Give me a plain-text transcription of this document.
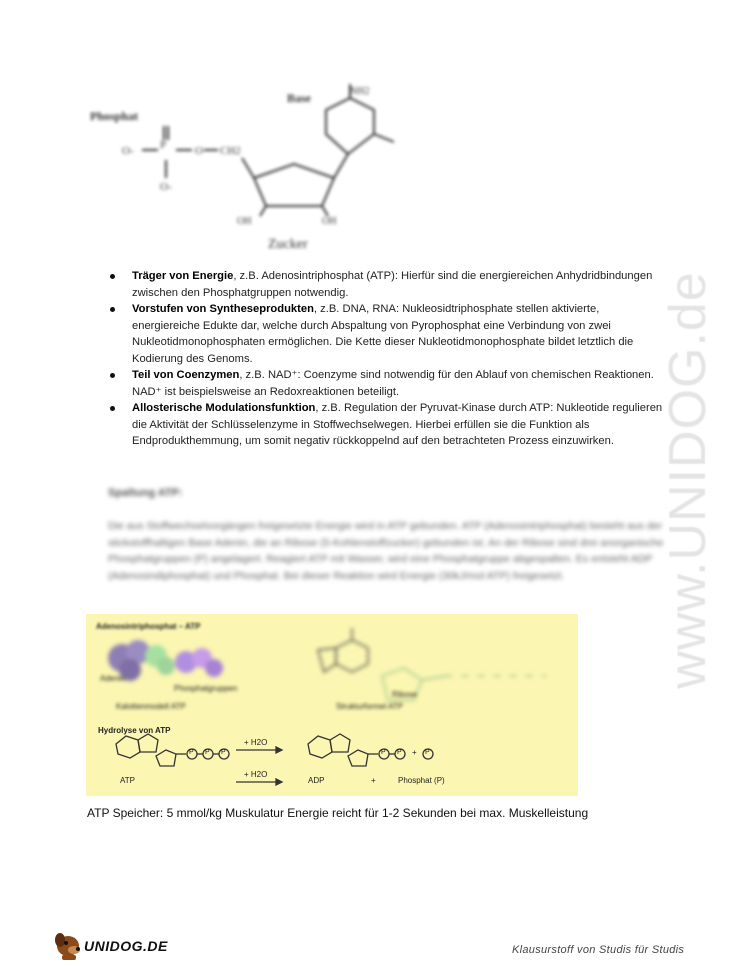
Phosphat
Base	NH2
O-
O-
CH2
OH	OH
Zucker
P	O
Träger von Energie, z.B. Adenosintriphosphat (ATP): Hierfür sind die energiereichen Anhydridbindungen zwischen den Phosphatgruppen notwendig.
Vorstufen von Syntheseprodukten, z.B. DNA, RNA: Nukleosidtriphosphate stellen aktivierte, energiereiche Edukte dar, welche durch Abspaltung von Pyrophosphat eine Verbindung von zwei Nukleotidmonophosphaten ermöglichen. Die Kette dieser Nukleotidmonophosphate bildet letztlich die Kodierung des Genoms.
Teil von Coenzymen, z.B. NAD⁺: Coenzyme sind notwendig für den Ablauf von chemischen Reaktionen. NAD⁺ ist beispielsweise an Redoxreaktionen beteiligt.
Allosterische Modulationsfunktion, z.B. Regulation der Pyruvat-Kinase durch ATP: Nukleotide regulieren die Aktivität der Schlüsselenzyme in Stoffwechselwegen. Hierbei erfüllen sie die Funktion als Endprodukthemmung, um somit negativ rückkoppelnd auf den betrachteten Prozess einzuwirken.
Spaltung ATP:
Die aus Stoffwechselvorgängen freigesetzte Energie wird in ATP gebunden. ATP (Adenosintriphosphat) besteht aus der stickstoffhaltigen Base Adenin, die an Ribose (5-Kohlenstoffzucker) gebunden ist. An der Ribose sind drei anorganische Phosphatgruppen (P) angelagert. Reagiert ATP mit Wasser, wird eine Phosphatgruppe abgespalten. Es entsteht ADP (Adenosindiphosphat) und Phosphat. Bei dieser Reaktion wird Energie (30kJ/mol ATP) freigesetzt.
Adenosintriphosphat – ATP
Adenin
Phosphatgruppen
Kalottenmodell ATP	Strukturformel ATP
Ribose
Hydrolyse von ATP
+ H2O
+ H2O
P P P	P P + P
ATP	ADP	+	Phosphat (P)
ATP Speicher: 5 mmol/kg Muskulatur Energie reicht für 1-2 Sekunden bei max. Muskelleistung
www.UNIDOG.de
UNIDOG.DE	Klausurstoff von Studis für Studis
